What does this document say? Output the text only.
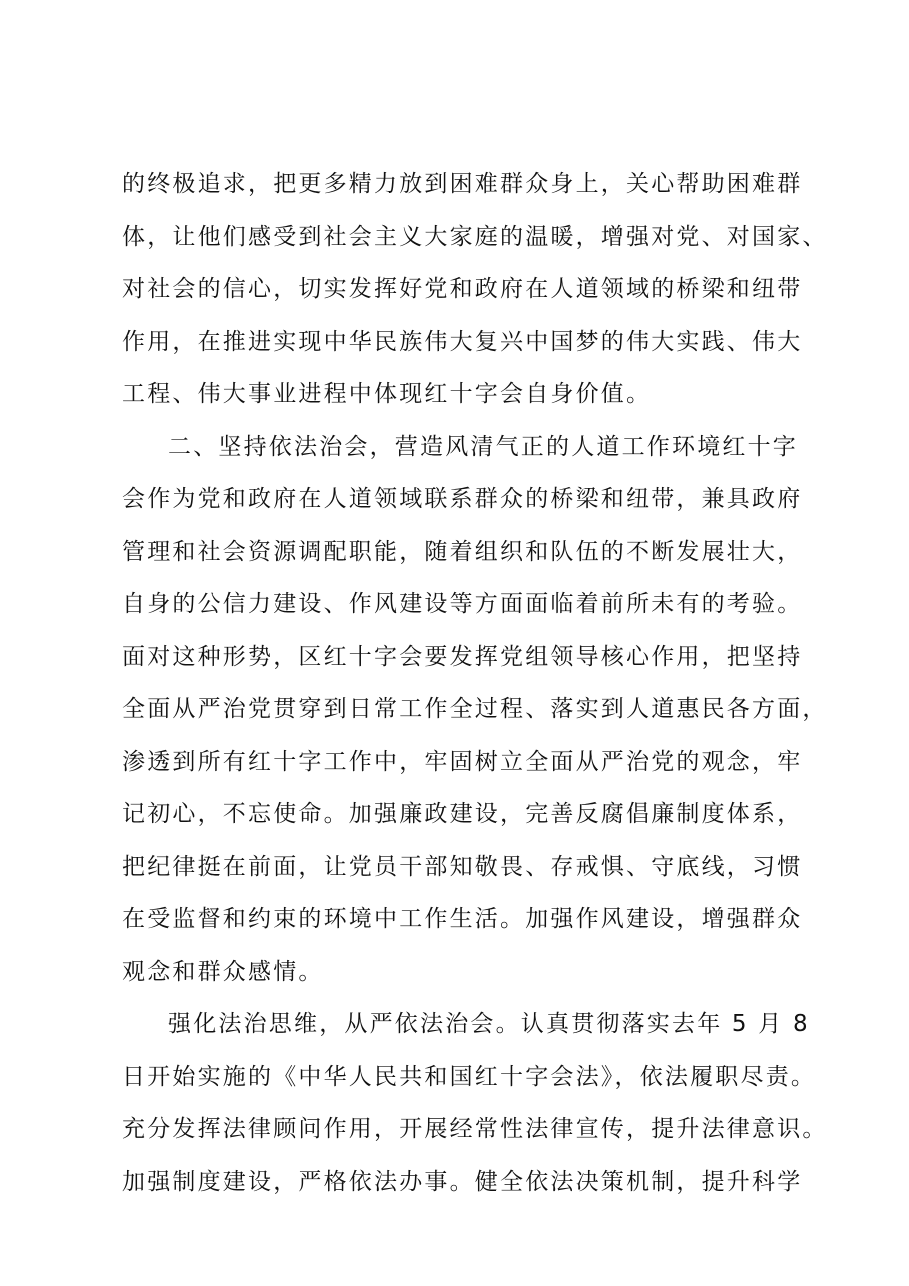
的终极追求，把更多精力放到困难群众身上，关心帮助困难群
体，让他们感受到社会主义大家庭的温暖，增强对党、对国家、
对社会的信心，切实发挥好党和政府在人道领域的桥梁和纽带
作用，在推进实现中华民族伟大复兴中国梦的伟大实践、伟大
工程、伟大事业进程中体现红十字会自身价值。
二、坚持依法治会，营造风清气正的人道工作环境红十字
会作为党和政府在人道领域联系群众的桥梁和纽带，兼具政府
管理和社会资源调配职能，随着组织和队伍的不断发展壮大，
自身的公信力建设、作风建设等方面面临着前所未有的考验。
面对这种形势，区红十字会要发挥党组领导核心作用，把坚持
全面从严治党贯穿到日常工作全过程、落实到人道惠民各方面，
渗透到所有红十字工作中，牢固树立全面从严治党的观念，牢
记初心，不忘使命。加强廉政建设，完善反腐倡廉制度体系，
把纪律挺在前面，让党员干部知敬畏、存戒惧、守底线，习惯
在受监督和约束的环境中工作生活。加强作风建设，增强群众
观念和群众感情。
强化法治思维，从严依法治会。认真贯彻落实去年 5 月 8
日开始实施的《中华人民共和国红十字会法》，依法履职尽责。
充分发挥法律顾问作用，开展经常性法律宣传，提升法律意识。
加强制度建设，严格依法办事。健全依法决策机制，提升科学
